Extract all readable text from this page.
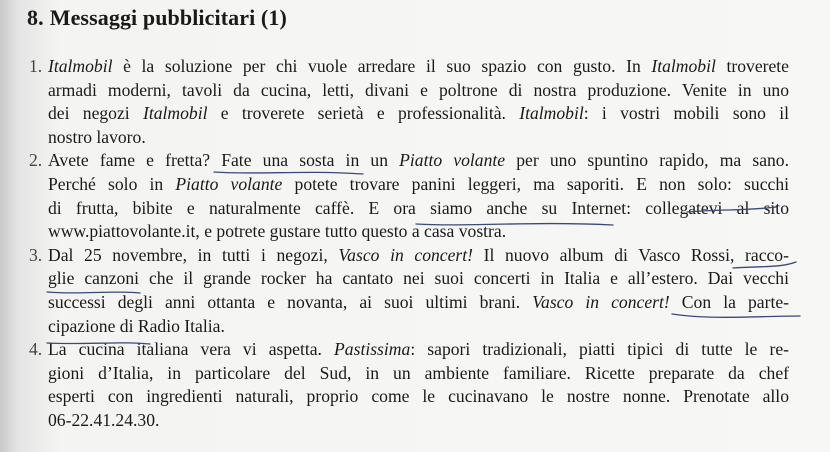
8. Messaggi pubblicitari (1)
1. Italmobil è la soluzione per chi vuole arredare il suo spazio con gusto. In Italmobil troverete
armadi moderni, tavoli da cucina, letti, divani e poltrone di nostra produzione. Venite in uno
dei negozi Italmobil e troverete serietà e professionalità. Italmobil: i vostri mobili sono il
nostro lavoro.
2. Avete fame e fretta? Fate una sosta in un Piatto volante per uno spuntino rapido, ma sano.
Perché solo in Piatto volante potete trovare panini leggeri, ma saporiti. E non solo: succhi
di frutta, bibite e naturalmente caffè. E ora siamo anche su Internet: collegatevi al sito
www.piattovolante.it, e potrete gustare tutto questo a casa vostra.
3. Dal 25 novembre, in tutti i negozi, Vasco in concert! Il nuovo album di Vasco Rossi, racco-
glie canzoni che il grande rocker ha cantato nei suoi concerti in Italia e all’estero. Dai vecchi
successi degli anni ottanta e novanta, ai suoi ultimi brani. Vasco in concert! Con la parte-
cipazione di Radio Italia.
4. La cucina italiana vera vi aspetta. Pastissima: sapori tradizionali, piatti tipici di tutte le re-
gioni d’Italia, in particolare del Sud, in un ambiente familiare. Ricette preparate da chef
esperti con ingredienti naturali, proprio come le cucinavano le nostre nonne. Prenotate allo
06-22.41.24.30.
